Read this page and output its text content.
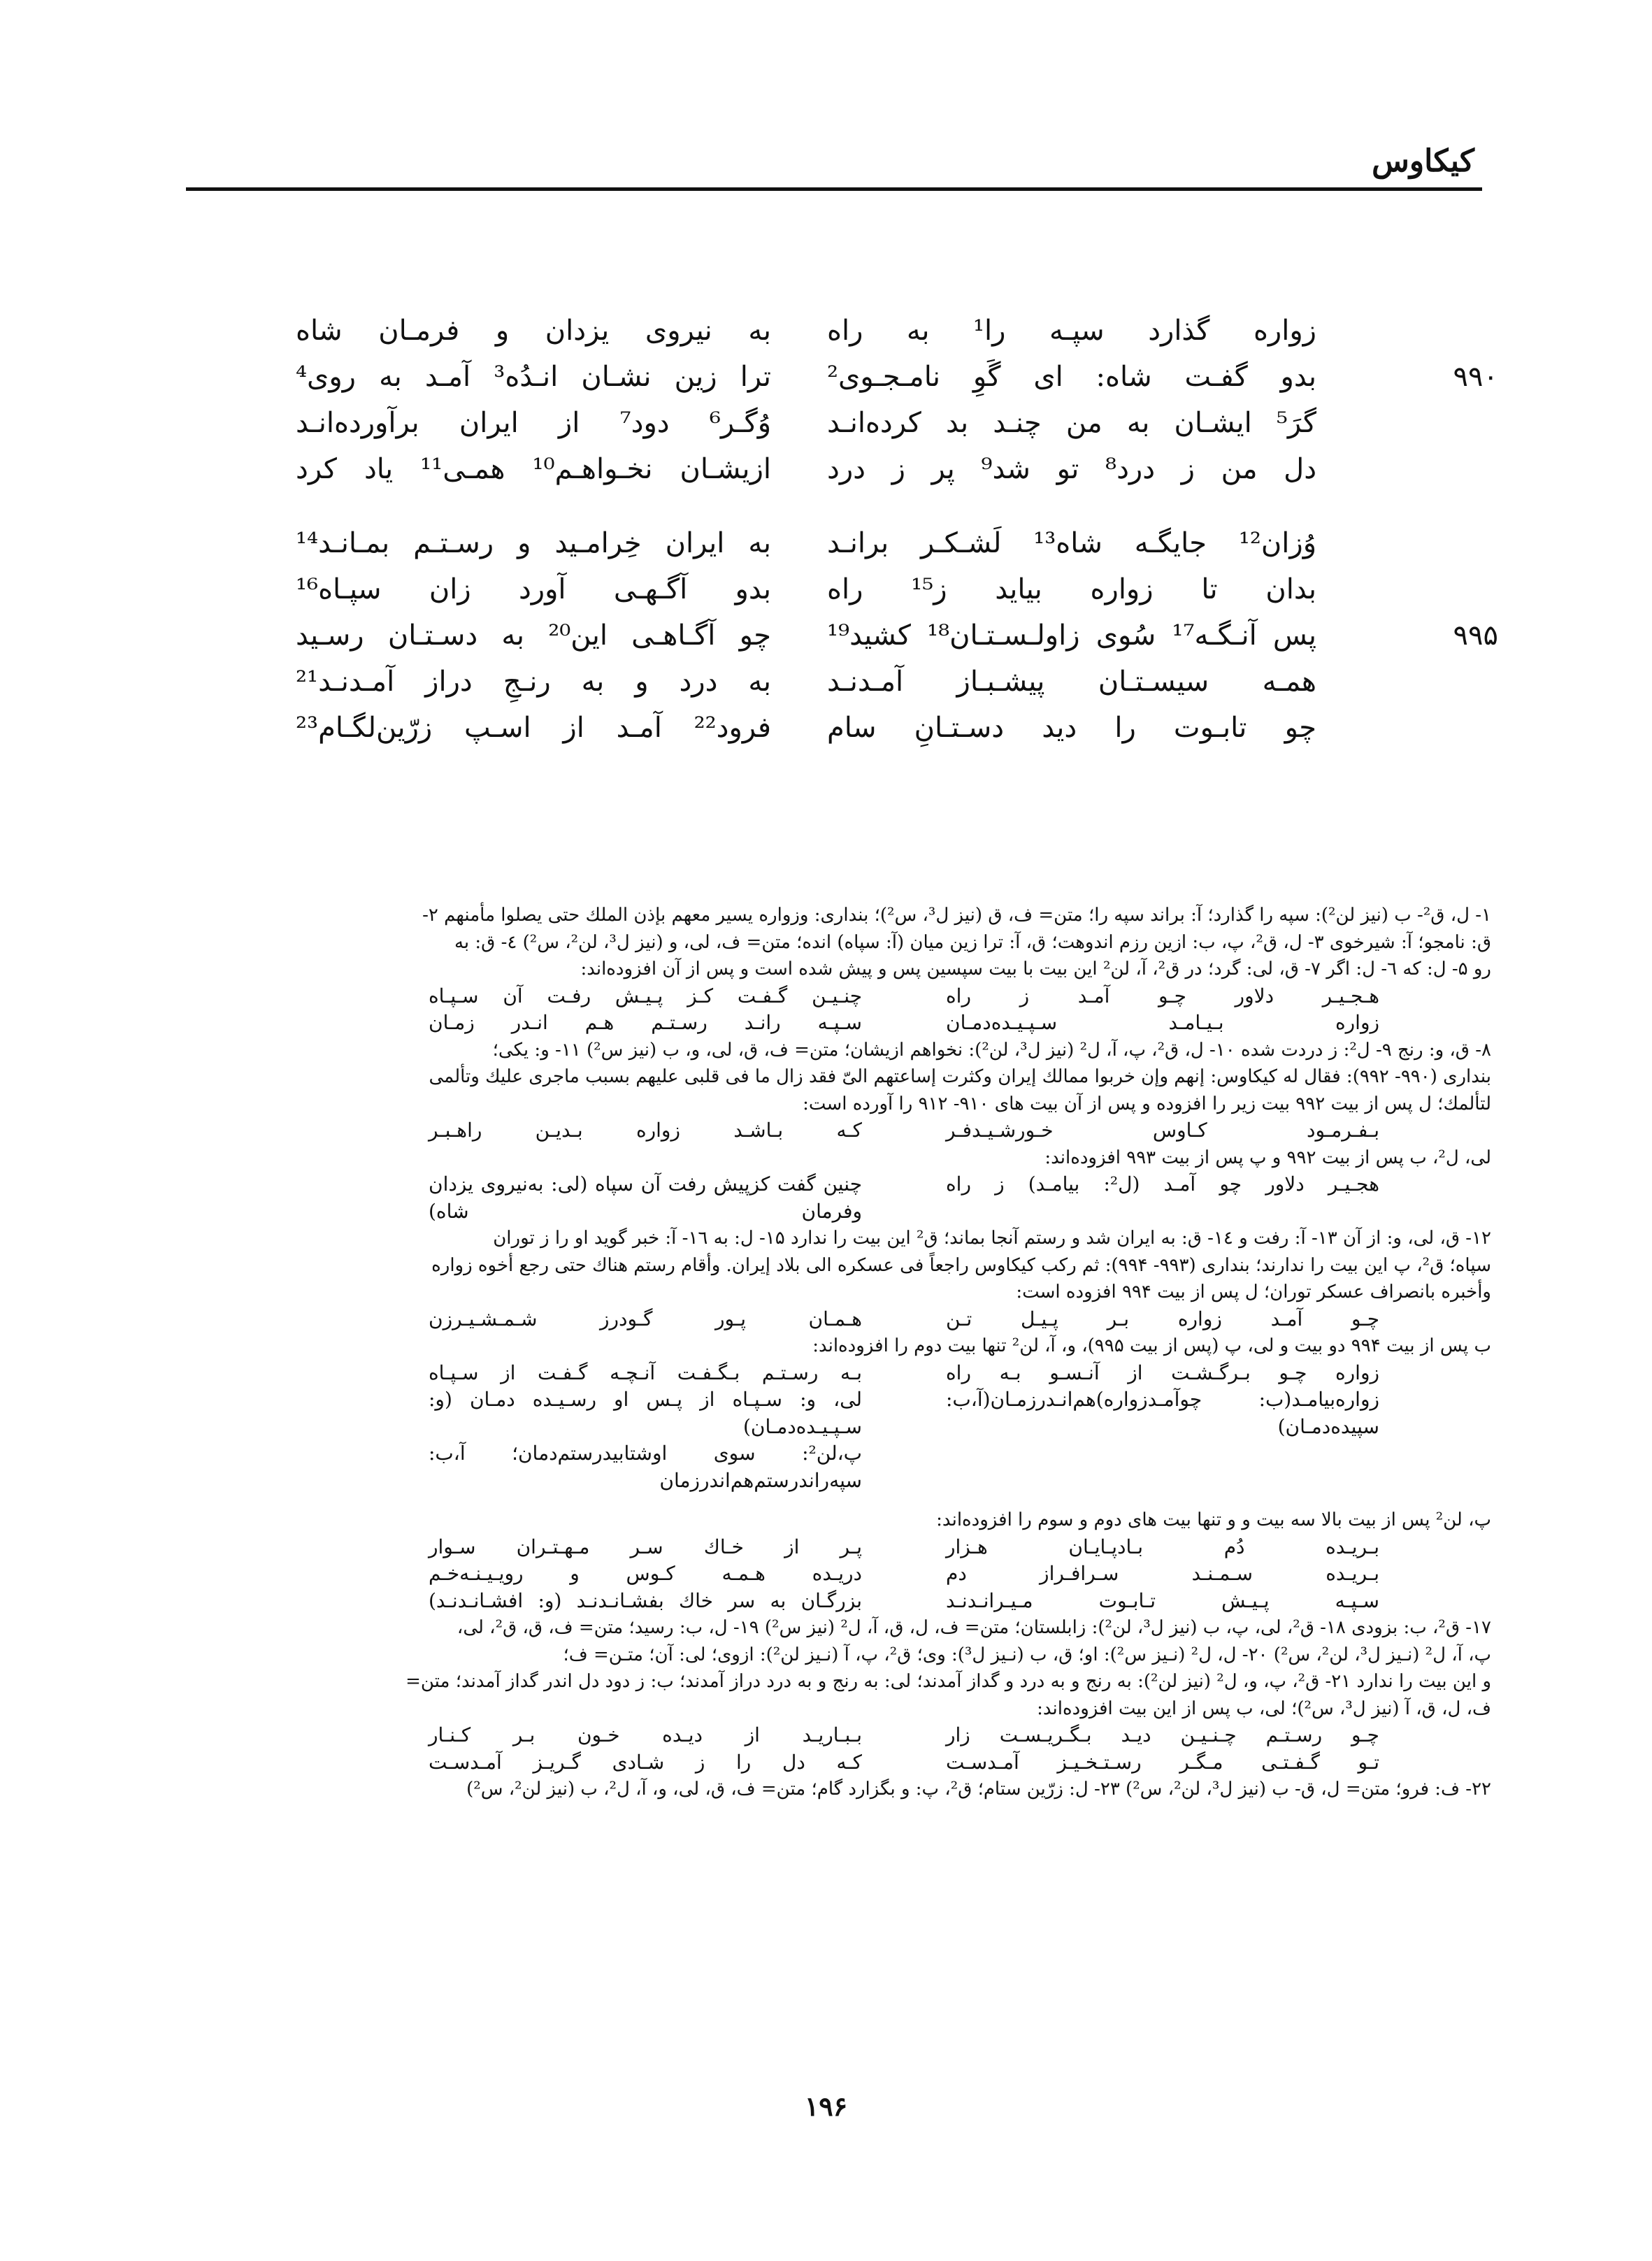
کیکاوس
زواره گذارد سپـه را¹ به راه
به نیروی یزدان و فرمـان شاه
۹۹۰
بدو گفـت شاه: ای گَوِ نامـجـوی²
ترا زین نشـان انـدُه³ آمـد به روی⁴
گرَ⁵ ایشـان به من چنـد بد کرده‌انـد
وُگـر⁶ دود⁷ از ایران برآورده‌انـد
دل من ز درد⁸ تو شد⁹ پر ز درد
ازیشـان نخـواهـم¹⁰ همـی¹¹ یاد کرد
وُزان¹² جایگـه شاه¹³ لَشـکـر برانـد
به ایران خِرامـید و رسـتـم بمـانـد¹⁴
بدان تا زواره بیاید ز¹⁵ راه
بدو آگـهـی آورد زان سپـاه¹⁶
۹۹۵
پس آنـگـه¹⁷ سُوی زاولـسـتـان¹⁸ کشید¹⁹
چو آگـاهـی این²⁰ به دسـتـان رسـید
همـه سیسـتـان پیشـبـاز آمـدنـد
به درد و به رنـجِ دراز آمـدنـد²¹
چو تابـوت را دید دسـتـانِ سام
فرود²² آمـد از اسـپ زرّین‌لگـام²³
۱- ل، ق²- ب (نیز لن²): سپه را گذارد؛ آ: براند سپه را؛ متن= ف، ق (نیز ل³، س²)؛ بنداری: وزواره یسیر معهم بإذن الملك حتی یصلوا مأمنهم ۲-
ق: نامجو؛ آ: شیرخوی ۳- ل، ق²، پ، ب: ازین رزم اندوهت؛ ق، آ: ترا زین میان (آ: سپاه) انده؛ متن= ف، لی، و (نیز ل³، لن²، س²) ٤- ق: به
رو ۵- ل: که ٦- ل: اگر ۷- ق، لی: گرد؛ در ق²، آ، لن² این بیت با بیت سپسین پس و پیش شده است و پس از آن افزوده‌اند:
هـجـیـر دلاور چـو آمـد ز راه
چنـیـن گـفـت کـز پـیـش رفـت آن سـپـاه
زواره بـیـامـد سـپـیـده‌دمـان
سـپـه رانـد رسـتـم هـم انـدر زمـان
۸- ق، و: رنج ۹- ل²: ز دردت شده ۱۰- ل، ق²، پ، آ، ل² (نیز ل³، لن²): نخواهم ازیشان؛ متن= ف، ق، لی، و، ب (نیز س²) ۱۱- و: یکی؛
بنداری (۹۹۰- ۹۹۲): فقال له کیکاوس: إنهم وإن خربوا ممالك إیران وکثرت إساعتهم الیّ فقد زال ما فی قلبی علیهم بسبب ماجری علیك وتألمی
لتألمك؛ ل پس از بیت ۹۹۲ بیت زیر را افزوده و پس از آن بیت های ۹۱۰- ۹۱۲ را آورده است:
بـفـرمـود کـاوس خـورشـیـدفـر
کـه بـاشـد زواره بـدیـن راهـبـر
لی، ل²، ب پس از بیت ۹۹۲ و پ پس از بیت ۹۹۳ افزوده‌اند:
هجـیـر دلاور چو آمـد (ل²: بیامـد) ز راه
چنین گفت کزپیش رفت آن سپاه (لی: به‌نیروی یزدان وفرمان شاه)
۱۲- ق، لی، و: از آن ۱۳- آ: رفت و ١٤- ق: به ایران شد و رستم آنجا بماند؛ ق² این بیت را ندارد ۱۵- ل: به ۱٦- آ: خبر گوید او را ز توران
سپاه؛ ق²، پ این بیت را ندارند؛ بنداری (۹۹۳- ۹۹۴): ثم رکب کیکاوس راجعاً فی عسکره الی بلاد إیران. وأقام رستم هناك حتی رجع أخوه زواره
وأخبره بانصراف عسکر توران؛ ل پس از بیت ۹۹۴ افزوده است:
چـو آمـد زواره بـر پـیـل تـن
هـمـان پـور گـودرز شـمـشـیـرزن
ب پس از بیت ۹۹۴ دو بیت و لی، پ (پس از بیت ۹۹۵)، و، آ، لن² تنها بیت دوم را افزوده‌اند:
زواره چـو بـرگـشـت از آنـسـو بـه راه
بـه رسـتـم بـگـفـت آنـچـه گـفـت از سـپـاه
زواره‌بیامـد(ب: چوآمـدزواره)هم‌انـدرزمـان(آ،ب: سپیده‌دمـان)
لی، و: سـپـاه از پـس او رسـیـده دمـان (و: سـپـیـده‌دمـان)
پ،لن²: سوی اوشتابیدرستم‌دمان؛ آ،ب: سپه‌راندرستم‌هم‌اندرزمان
پ، لن² پس از بیت بالا سه بیت و و تنها بیت های دوم و سوم را افزوده‌اند:
بـریـده دُم بـادپـایـان هـزار
پـر از خـاك سـر مـهـتـران سـوار
بـریـده سـمـنـد سـرافـراز دم
دریـده هـمـه کـوس و رویـیـنـه‌خـم
سـپـه پـیـش تـابـوت مـیـرانـدنـد
بزرگـان به سر خاك بفشـانـدنـد (و: افشـانـدنـد)
۱۷- ق²، ب: بزودی ۱۸- ق²، لی، پ، ب (نیز ل³، لن²): زابلستان؛ متن= ف، ل، ق، آ، ل² (نیز س²) ۱۹- ل، ب: رسید؛ متن= ف، ق، ق²، لی،
پ، آ، ل² (نـیز ل³، لن²، س²) ۲۰- ل، ل² (نـیز س²): او؛ ق، ب (نـیز ل³): وی؛ ق²، پ، آ (نـیز لن²): ازوی؛ لی: آن؛ متـن= ف؛
و این بیت را ندارد ۲۱- ق²، پ، و، ل² (نیز لن²): به رنج و به درد و گداز آمدند؛ لی: به رنج و به درد دراز آمدند؛ ب: ز دود دل اندر گداز آمدند؛ متن=
ف، ل، ق، آ (نیز ل³، س²)؛ لی، ب پس از این بیت افزوده‌اند:
چـو رسـتـم چـنـیـن دیـد بـگـریـسـت زار
بـبـاریـد از دیـده خـون بـر کـنـار
تـو گـفـتـی مـگـر رسـتـخـیـز آمـدسـت
کـه دل را ز شـادی گـریـز آمـدسـت
۲۲- ف: فرو؛ متن= ل، ق- ب (نیز ل³، لن²، س²) ۲۳- ل: زرّین ستام؛ ق²، پ: و بگزارد گام؛ متن= ف، ق، لی، و، آ، ل²، ب (نیز لن²، س²)
۱۹۶
